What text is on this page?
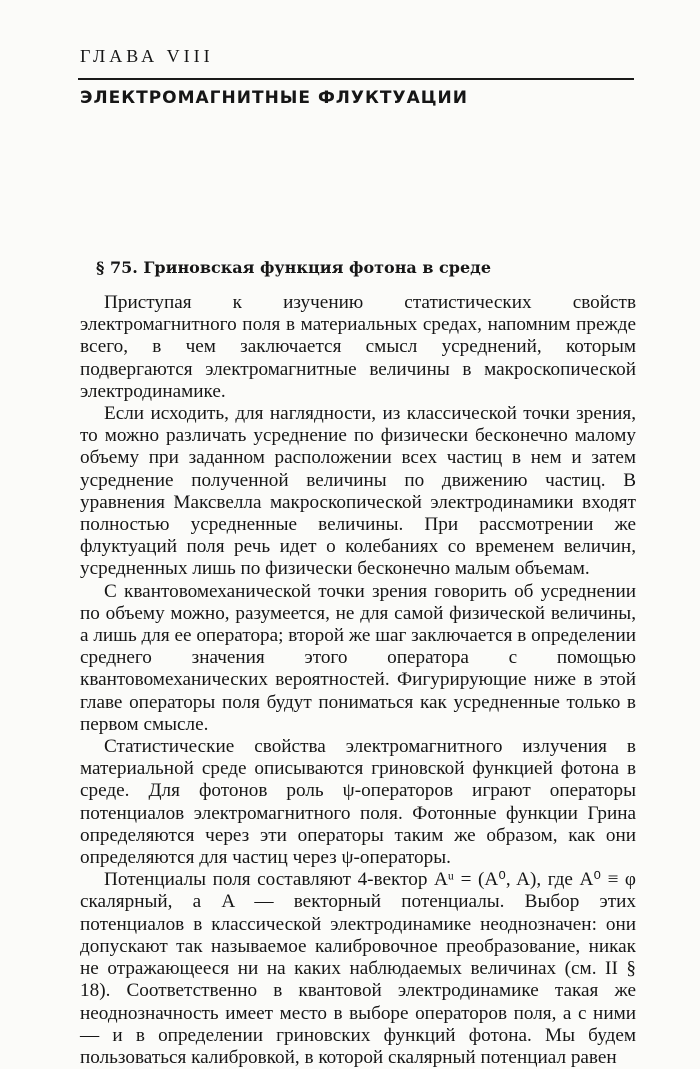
ГЛАВА VIII
ЭЛЕКТРОМАГНИТНЫЕ ФЛУКТУАЦИИ
§ 75. Гриновская функция фотона в среде

Приступая к изучению статистических свойств электромагнитного поля в материальных средах, напомним прежде всего, в чем заключается смысл усреднений, которым подвергаются электромагнитные величины в макроскопической электродинамике.

Если исходить, для наглядности, из классической точки зрения, то можно различать усреднение по физически бесконечно малому объему при заданном расположении всех частиц в нем и затем усреднение полученной величины по движению частиц. В уравнения Максвелла макроскопической электродинамики входят полностью усредненные величины. При рассмотрении же флуктуаций поля речь идет о колебаниях со временем величин, усредненных лишь по физически бесконечно малым объемам.

С квантовомеханической точки зрения говорить об усреднении по объему можно, разумеется, не для самой физической величины, а лишь для ее оператора; второй же шаг заключается в определении среднего значения этого оператора с помощью квантовомеханических вероятностей. Фигурирующие ниже в этой главе операторы поля будут пониматься как усредненные только в первом смысле.

Статистические свойства электромагнитного излучения в материальной среде описываются гриновской функцией фотона в среде. Для фотонов роль ψ-операторов играют операторы потенциалов электромагнитного поля. Фотонные функции Грина определяются через эти операторы таким же образом, как они определяются для частиц через ψ-операторы.

Потенциалы поля составляют 4-вектор Aᵘ = (A⁰, A), где A⁰ ≡ φ скалярный, а A — векторный потенциалы. Выбор этих потенциалов в классической электродинамике неоднозначен: они допускают так называемое калибровочное преобразование, никак не отражающееся ни на каких наблюдаемых величинах (см. II § 18). Соответственно в квантовой электродинамике такая же неоднозначность имеет место в выборе операторов поля, а с ними — и в определении гриновских функций фотона. Мы будем пользоваться калибровкой, в которой скалярный потенциал равен
